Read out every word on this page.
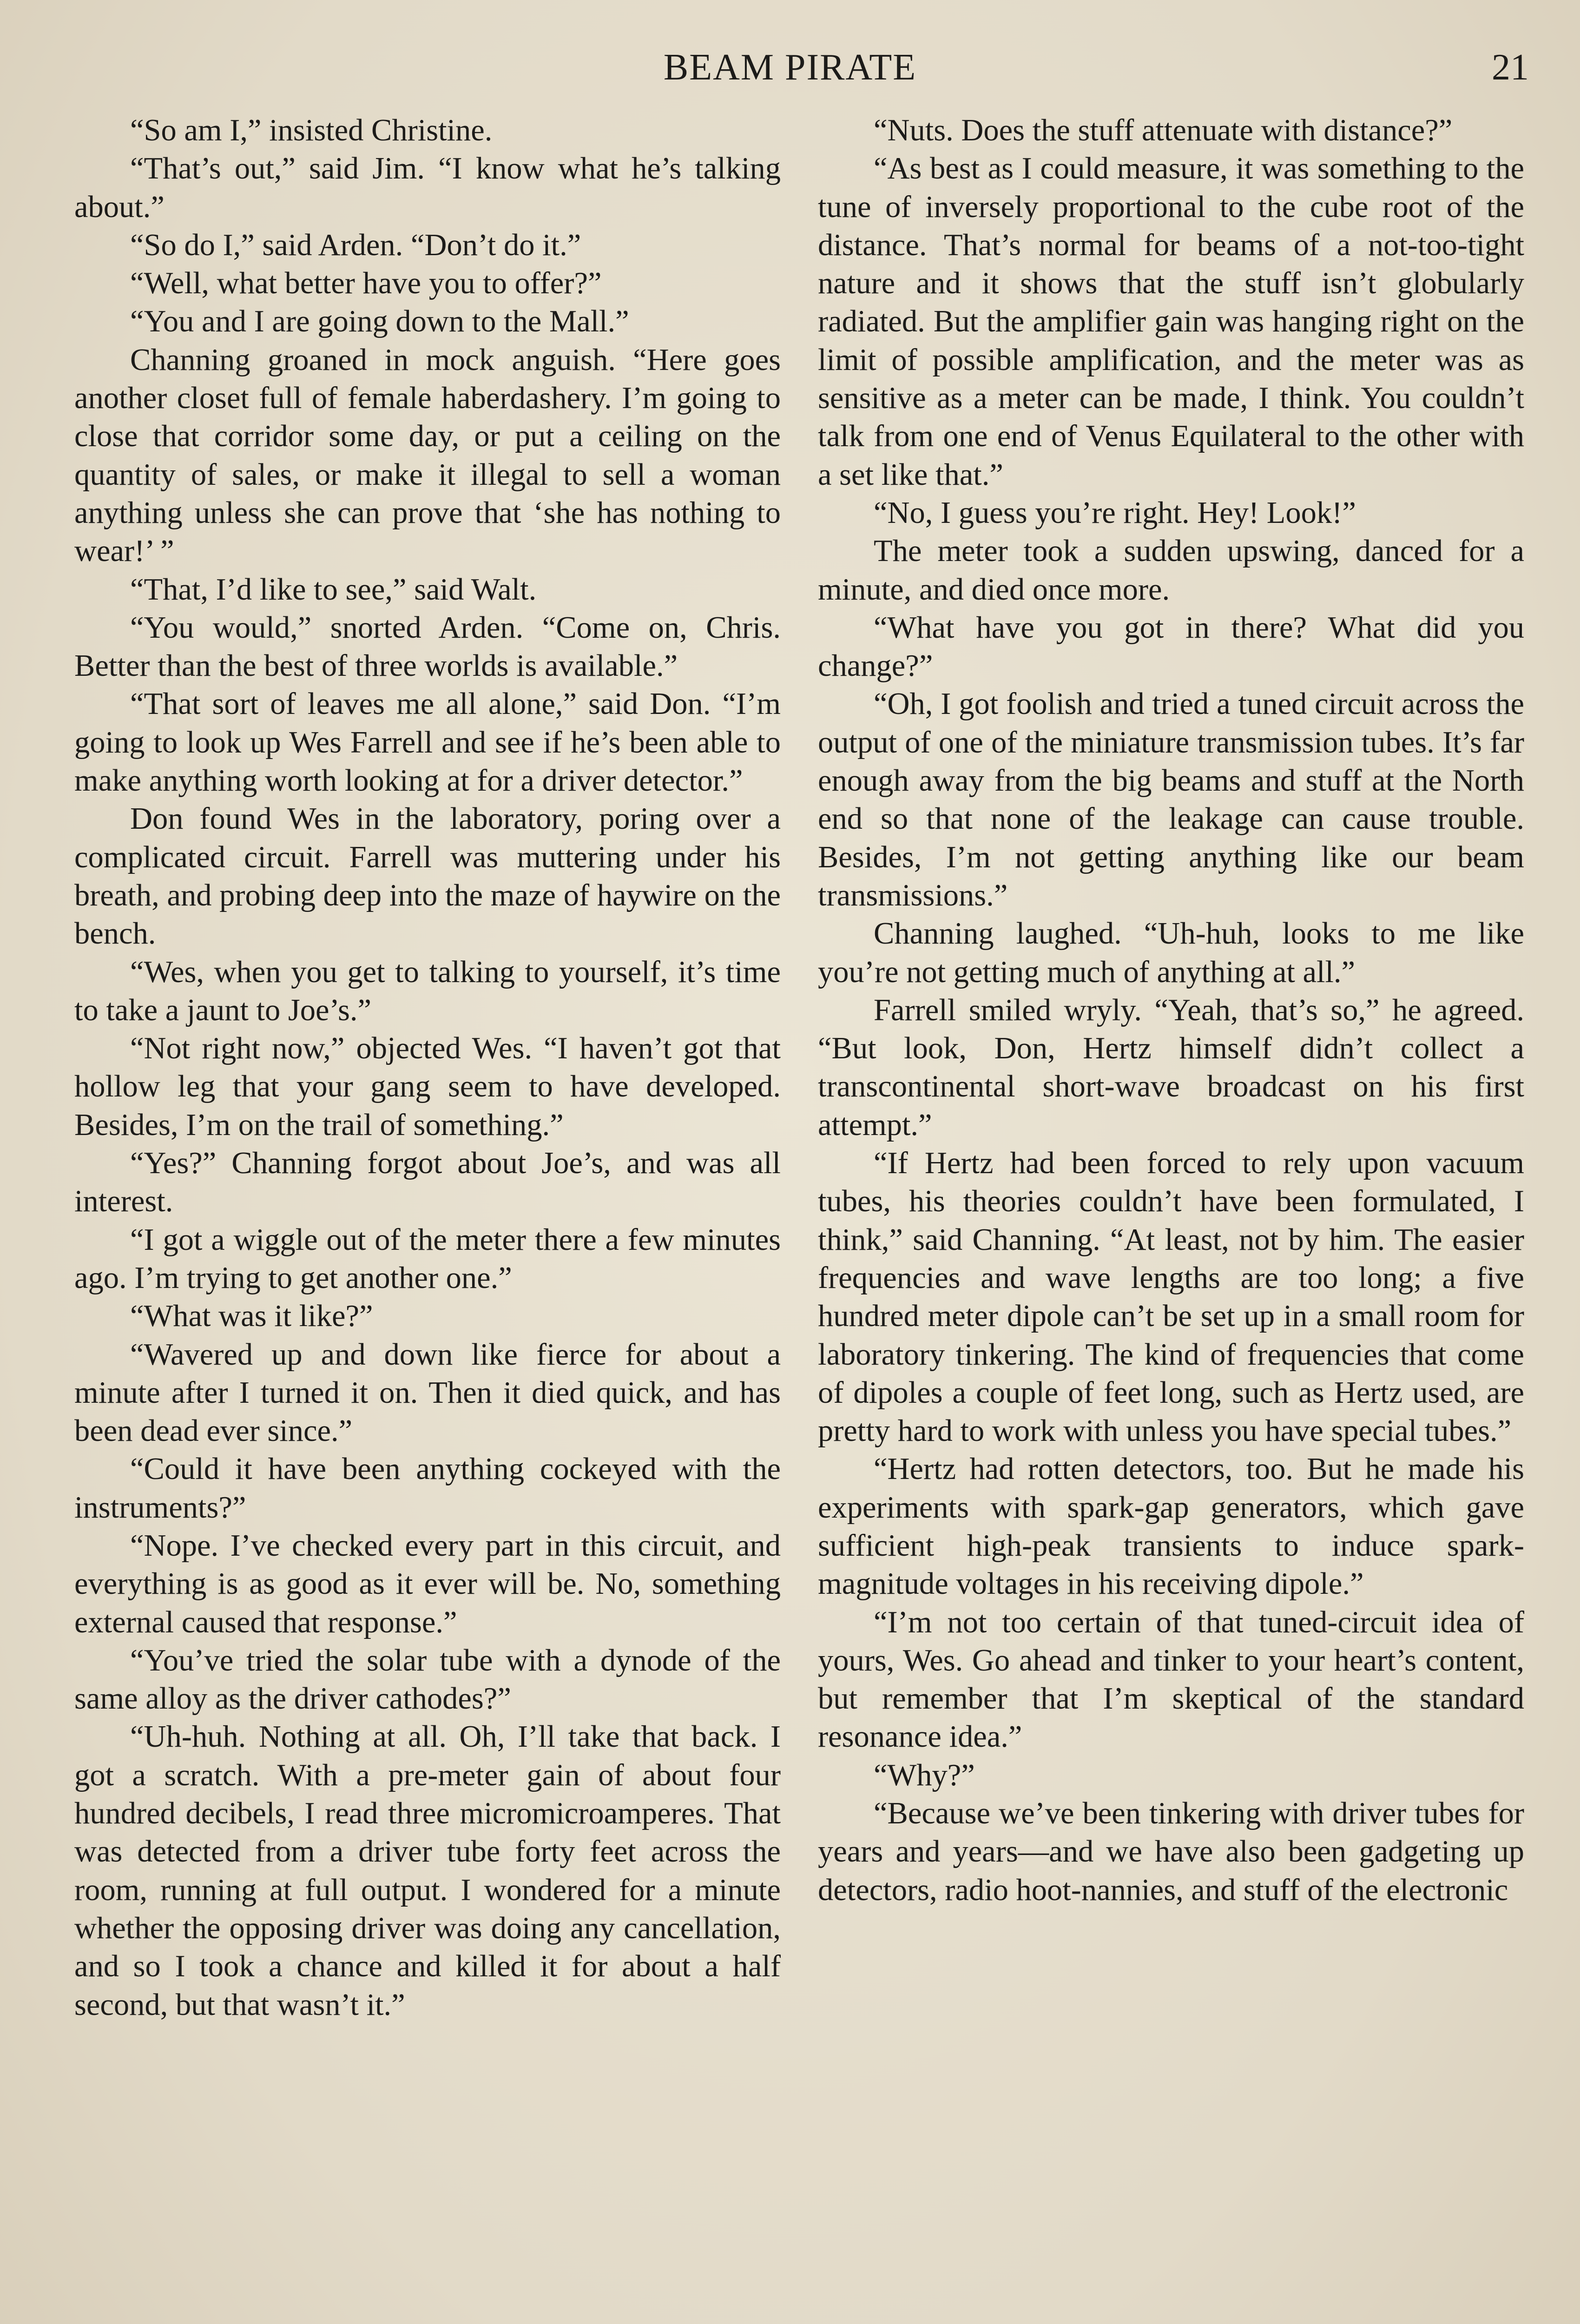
BEAM PIRATE	21

“So am I,” insisted Christine.

“That’s out,” said Jim. “I know what he’s talking about.”

“So do I,” said Arden. “Don’t do it.”

“Well, what better have you to offer?”

“You and I are going down to the Mall.”

Channing groaned in mock anguish. “Here goes another closet full of female haberdashery. I’m going to close that corridor some day, or put a ceiling on the quantity of sales, or make it illegal to sell a woman anything unless she can prove that ‘she has nothing to wear!’ ”

“That, I’d like to see,” said Walt.

“You would,” snorted Arden. “Come on, Chris. Better than the best of three worlds is available.”

“That sort of leaves me all alone,” said Don. “I’m going to look up Wes Farrell and see if he’s been able to make anything worth looking at for a driver detector.”

Don found Wes in the laboratory, poring over a complicated circuit. Farrell was muttering under his breath, and probing deep into the maze of haywire on the bench.

“Wes, when you get to talking to yourself, it’s time to take a jaunt to Joe’s.”

“Not right now,” objected Wes. “I haven’t got that hollow leg that your gang seem to have developed. Besides, I’m on the trail of something.”

“Yes?” Channing forgot about Joe’s, and was all interest.

“I got a wiggle out of the meter there a few minutes ago. I’m trying to get another one.”

“What was it like?”

“Wavered up and down like fierce for about a minute after I turned it on. Then it died quick, and has been dead ever since.”

“Could it have been anything cockeyed with the instruments?”

“Nope. I’ve checked every part in this circuit, and everything is as good as it ever will be. No, something external caused that response.”

“You’ve tried the solar tube with a dynode of the same alloy as the driver cathodes?”

“Uh-huh. Nothing at all. Oh, I’ll take that back. I got a scratch. With a pre-meter gain of about four hundred decibels, I read three micromicroamperes. That was detected from a driver tube forty feet across the room, running at full output. I wondered for a minute whether the opposing driver was doing any cancellation, and so I took a chance and killed it for about a half second, but that wasn’t it.”

“Nuts. Does the stuff attenuate with distance?”

“As best as I could measure, it was something to the tune of inversely proportional to the cube root of the distance. That’s normal for beams of a not-too-tight nature and it shows that the stuff isn’t globularly radiated. But the amplifier gain was hanging right on the limit of possible amplification, and the meter was as sensitive as a meter can be made, I think. You couldn’t talk from one end of Venus Equilateral to the other with a set like that.”

“No, I guess you’re right. Hey! Look!”

The meter took a sudden upswing, danced for a minute, and died once more.

“What have you got in there? What did you change?”

“Oh, I got foolish and tried a tuned circuit across the output of one of the miniature transmission tubes. It’s far enough away from the big beams and stuff at the North end so that none of the leakage can cause trouble. Besides, I’m not getting anything like our beam transmissions.”

Channing laughed. “Uh-huh, looks to me like you’re not getting much of anything at all.”

Farrell smiled wryly. “Yeah, that’s so,” he agreed. “But look, Don, Hertz himself didn’t collect a transcontinental short-wave broadcast on his first attempt.”

“If Hertz had been forced to rely upon vacuum tubes, his theories couldn’t have been formulated, I think,” said Channing. “At least, not by him. The easier frequencies and wave lengths are too long; a five hundred meter dipole can’t be set up in a small room for laboratory tinkering. The kind of frequencies that come of dipoles a couple of feet long, such as Hertz used, are pretty hard to work with unless you have special tubes.”

“Hertz had rotten detectors, too. But he made his experiments with spark-gap generators, which gave sufficient high-peak transients to induce spark-magnitude voltages in his receiving dipole.”

“I’m not too certain of that tuned-circuit idea of yours, Wes. Go ahead and tinker to your heart’s content, but remember that I’m skeptical of the standard resonance idea.”

“Why?”

“Because we’ve been tinkering with driver tubes for years and years—and we have also been gadgeting up detectors, radio hoot-nannies, and stuff of the electronic
